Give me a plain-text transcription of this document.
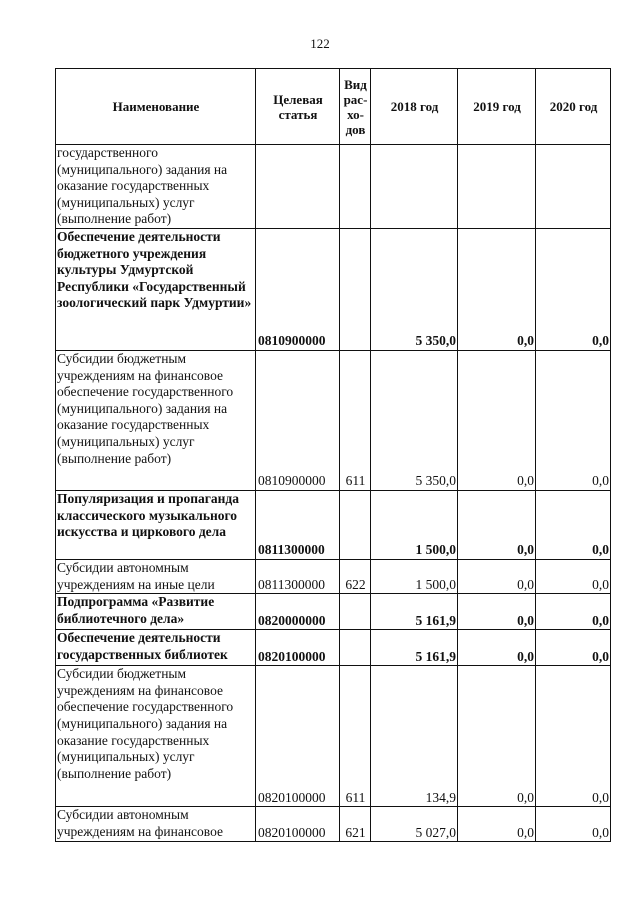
122
Наименование	Целевая статья	Вид рас-хо-дов	2018 год	2019 год	2020 год
государственного (муниципального) задания на оказание государственных (муниципальных) услуг (выполнение работ)					
Обеспечение деятельности бюджетного учреждения культуры Удмуртской Республики «Государственный зоологический парк Удмуртии»	0810900000		5 350,0	0,0	0,0
Субсидии бюджетным учреждениям на финансовое обеспечение государственного (муниципального) задания на оказание государственных (муниципальных) услуг (выполнение работ)	0810900000	611	5 350,0	0,0	0,0
Популяризация и пропаганда классического музыкального искусства и циркового дела	0811300000		1 500,0	0,0	0,0
Субсидии автономным учреждениям на иные цели	0811300000	622	1 500,0	0,0	0,0
Подпрограмма «Развитие библиотечного дела»	0820000000		5 161,9	0,0	0,0
Обеспечение деятельности государственных библиотек	0820100000		5 161,9	0,0	0,0
Субсидии бюджетным учреждениям на финансовое обеспечение государственного (муниципального) задания на оказание государственных (муниципальных) услуг (выполнение работ)	0820100000	611	134,9	0,0	0,0
Субсидии автономным учреждениям на финансовое	0820100000	621	5 027,0	0,0	0,0
